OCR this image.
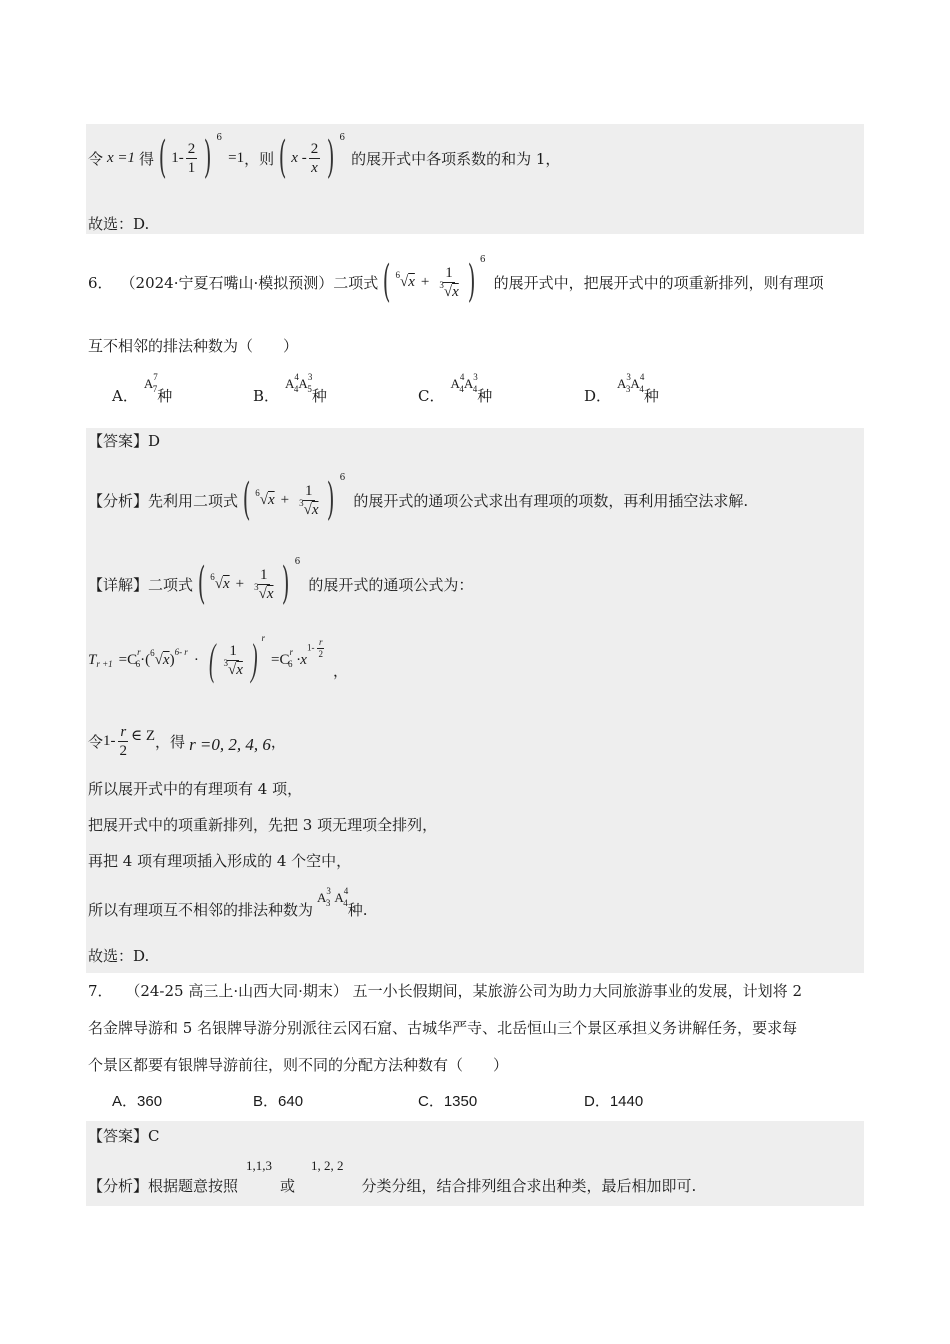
令 x =1 得 ( $1- \frac{2}{1}$ ) 6
=1 ，则 ( x - $\frac{2}{x}$ ) 6
的展开式中各项系数的和为 1，
故选：D.
6． （2024·宁夏石嘴山·模拟预测） 二项式 ( $^6√x + \frac{1}{^3√x}$ ) 6
的展开式中，把展开式中的项重新排列，则有理项
互不相邻的排法种数为（　　）
A．
$A^7_7$ 种	B．
$A^4_4A^3_5$ 种	C．
$A^4_4A^3_4$ 种	D．
$A^3_3A^4_4$ 种
【答案】D
【分析】 先利用二项式 ( $^6√x + \frac{1}{^3√x}$ ) 6
的展开式的通项公式求出有理项的项数，再利用插空法求解.
【详解】 二项式 ( $^6√x + \frac{1}{^3√x}$ ) 6
的展开式的通项公式为：
T r +1 =C r
6 ·( $^6$√x ) 6- r · ( $\frac{1}{^3√x}$ ) r
=C r
6 ·x
$1- \frac{r}{2}$
，
令 $1- \frac{r}{2}$ ∈ Z ，得 r =0, 2, 4, 6 ，
所以展开式中的有理项有 4 项，
把展开式中的项重新排列，先把 3 项无理项全排列，
再把 4 项有理项插入形成的 4 个空中，
所以有理项互不相邻的排法种数为
$A^3_3$ $A^4_4$ 种.
故选：D.
7． （24-25 高三上·山西大同·期末） 五一小长假期间，某旅游公司为助力大同旅游事业的发展，计划将 2
名金牌导游和 5 名银牌导游分别派往云冈石窟、古城华严寺、北岳恒山三个景区承担义务讲解任务，要求每
个景区都要有银牌导游前往，则不同的分配方法种数有（　　）
A．360	B．640	C．1350	D．1440
【答案】C
【分析】 根据题意按照
1,1,3
或
1, 2, 2
分类分组，结合排列组合求出种类，最后相加即可.
